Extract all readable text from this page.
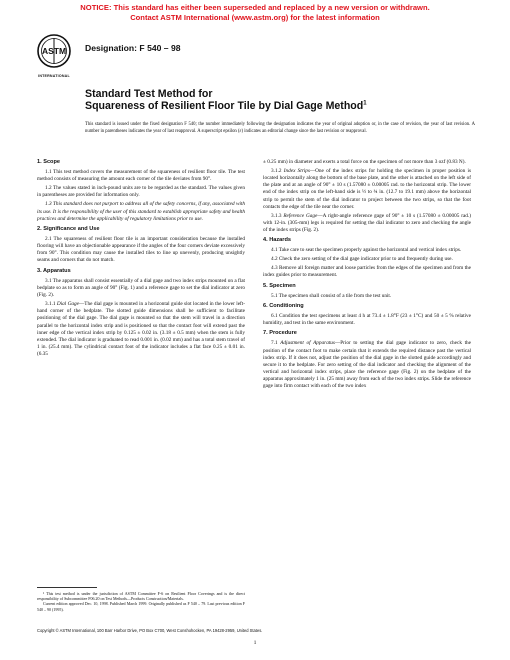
NOTICE: This standard has either been superseded and replaced by a new version or withdrawn.
Contact ASTM International (www.astm.org) for the latest information
ASTM
INTERNATIONAL
Designation: F 540 – 98
Standard Test Method for
Squareness of Resilient Floor Tile by Dial Gage Method$^1$
This standard is issued under the fixed designation F 540; the number immediately following the designation indicates the year of original adoption or, in the case of revision, the year of last revision. A number in parentheses indicates the year of last reapproval. A superscript epsilon (ε) indicates an editorial change since the last revision or reapproval.
1. Scope

1.1 This test method covers the measurement of the squareness of resilient floor tile. The test method consists of measuring the amount each corner of the tile deviates from 90°.

1.2 The values stated in inch-pound units are to be regarded as the standard. The values given in parentheses are provided for information only.

1.3 This standard does not purport to address all of the safety concerns, if any, associated with its use. It is the responsibility of the user of this standard to establish appropriate safety and health practices and determine the applicability of regulatory limitations prior to use.

2. Significance and Use

2.1 The squareness of resilient floor tile is an important consideration because the installed flooring will have an objectionable appearance if the angles of the four corners deviate excessively from 90°. This condition may cause the installed tiles to line up unevenly, producing unsightly seams and corners that do not match.

3. Apparatus

3.1 The apparatus shall consist essentially of a dial gage and two index strips mounted on a flat bedplate so as to form an angle of 90° (Fig. 1) and a reference gage to set the dial indicator at zero (Fig. 2).

3.1.1 Dial Gage—The dial gage is mounted in a horizontal guide slot located in the lower left-hand corner of the bedplate. The slotted guide dimensions shall be sufficient to facilitate positioning of the dial gage. The dial gage is mounted so that the stem will travel in a direction parallel to the horizontal index strip and is positioned so that the contact foot will extend past the inner edge of the vertical index strip by 0.125 ± 0.02 in. (3.18 ± 0.5 mm) when the stem is fully extended. The dial indicator is graduated to read 0.001 in. (0.02 mm) and has a total stem travel of 1 in. (25.4 mm). The cylindrical contact foot of the indicator includes a flat face 0.25 ± 0.01 in. (6.35

¹ This test method is under the jurisdiction of ASTM Committee F-6 on Resilient Floor Coverings and is the direct responsibility of Subcommittee F06.20 on Test Methods—Products Construction/Materials.

Current edition approved Dec. 10, 1998. Published March 1999. Originally published as F 540 – 79. Last previous edition F 540 – 90 (1995).

± 0.25 mm) in diameter and exerts a total force on the specimen of not more than 3 ozf (0.83 N).

3.1.2 Index Strips—One of the index strips for holding the specimen in proper position is located horizontally along the bottom of the base plate, and the other is attached on the left side of the plate and at an angle of 90° ± 10 s (1.57080 ± 0.00005 rad. to the horizontal strip. The lower end of the index strip on the left-hand side is ½ to ¾ in. (12.7 to 19.1 mm) above the horizontal strip to permit the stem of the dial indicator to project between the two strips, so that the foot contacts the edge of the tile near the corner.

3.1.3 Reference Gage—A right-angle reference gage of 90° ± 10 s (1.57080 ± 0.00005 rad.) with 12-in. (305-mm) legs is required for setting the dial indicator to zero and checking the angle of the index strips (Fig. 2).

4. Hazards

4.1 Take care to seat the specimen properly against the horizontal and vertical index strips.

4.2 Check the zero setting of the dial gage indicator prior to and frequently during use.

4.3 Remove all foreign matter and loose particles from the edges of the specimen and from the index guides prior to measurement.

5. Specimen

5.1 The specimen shall consist of a tile from the test unit.

6. Conditioning

6.1 Condition the test specimens at least 4 h at 73.4 ± 1.8°F (23 ± 1°C) and 50 ± 5 % relative humidity, and test in the same environment.

7. Procedure

7.1 Adjustment of Apparatus—Prior to setting the dial gage indicator to zero, check the position of the contact foot to make certain that it extends the required distance past the vertical index strip. If it does not, adjust the position of the dial gage in the slotted guide accordingly and secure it to the bedplate. For zero setting of the dial indicator and checking the alignment of the vertical and horizontal index strips, place the reference gage (Fig. 2) on the bedplate of the apparatus approximately 1 in. (25 mm) away from each of the two index strips. Slide the reference gage into firm contact with each of the two index

Copyright © ASTM International, 100 Barr Harbor Drive, PO Box C700, West Conshohocken, PA 19428-2959, United States.
1
